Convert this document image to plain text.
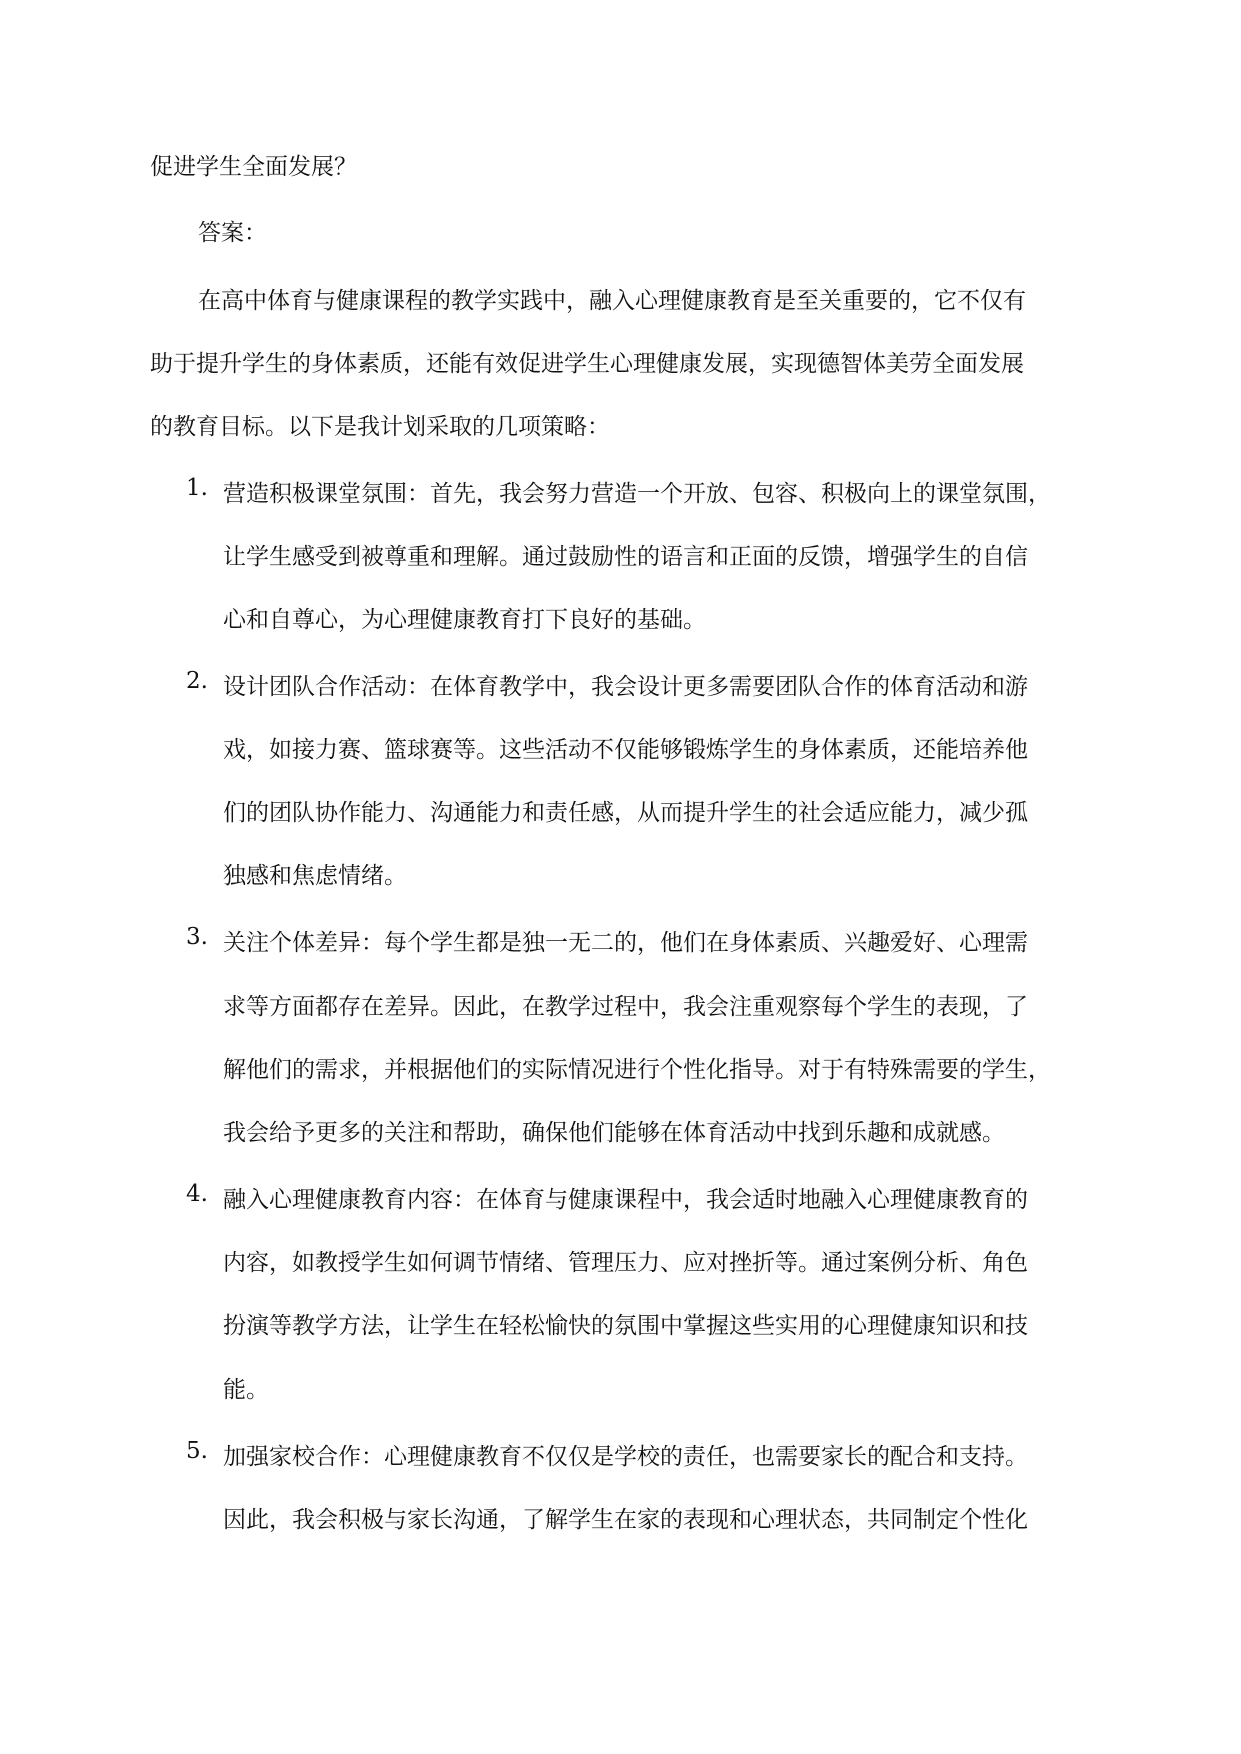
促进学生全面发展？

答案：

在高中体育与健康课程的教学实践中，融入心理健康教育是至关重要的，它不仅有

助于提升学生的身体素质，还能有效促进学生心理健康发展，实现德智体美劳全面发展

的教育目标。以下是我计划采取的几项策略：

1. 营造积极课堂氛围：首先，我会努力营造一个开放、包容、积极向上的课堂氛围，

让学生感受到被尊重和理解。通过鼓励性的语言和正面的反馈，增强学生的自信

心和自尊心，为心理健康教育打下良好的基础。

2. 设计团队合作活动：在体育教学中，我会设计更多需要团队合作的体育活动和游

戏，如接力赛、篮球赛等。这些活动不仅能够锻炼学生的身体素质，还能培养他

们的团队协作能力、沟通能力和责任感，从而提升学生的社会适应能力，减少孤

独感和焦虑情绪。

3. 关注个体差异：每个学生都是独一无二的，他们在身体素质、兴趣爱好、心理需

求等方面都存在差异。因此，在教学过程中，我会注重观察每个学生的表现，了

解他们的需求，并根据他们的实际情况进行个性化指导。对于有特殊需要的学生，

我会给予更多的关注和帮助，确保他们能够在体育活动中找到乐趣和成就感。

4. 融入心理健康教育内容：在体育与健康课程中，我会适时地融入心理健康教育的

内容，如教授学生如何调节情绪、管理压力、应对挫折等。通过案例分析、角色

扮演等教学方法，让学生在轻松愉快的氛围中掌握这些实用的心理健康知识和技

能。

5. 加强家校合作：心理健康教育不仅仅是学校的责任，也需要家长的配合和支持。

因此，我会积极与家长沟通，了解学生在家的表现和心理状态，共同制定个性化
